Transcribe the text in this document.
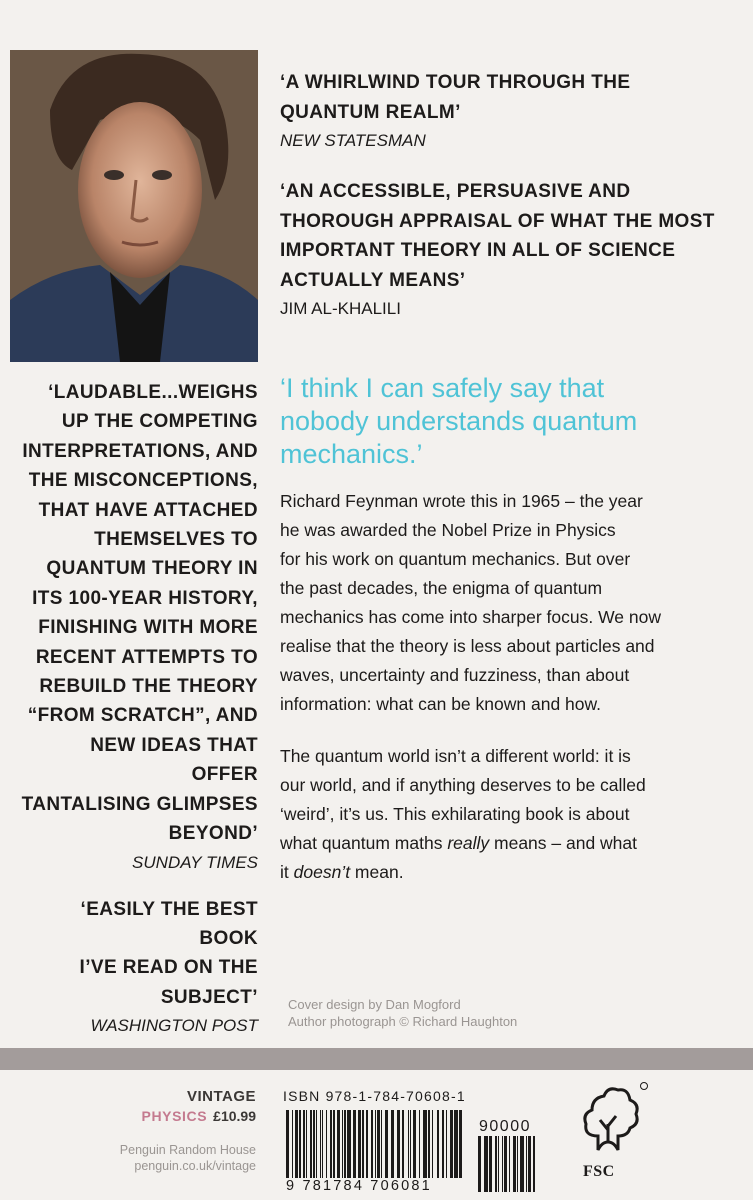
‘A WHIRLWIND TOUR THROUGH THE

QUANTUM REALM’

NEW STATESMAN

‘AN ACCESSIBLE, PERSUASIVE AND

THOROUGH APPRAISAL OF WHAT THE MOST

IMPORTANT THEORY IN ALL OF SCIENCE

ACTUALLY MEANS’

JIM AL-KHALILI

‘LAUDABLE...WEIGHS

UP THE COMPETING

INTERPRETATIONS, AND

THE MISCONCEPTIONS,

THAT HAVE ATTACHED

THEMSELVES TO

QUANTUM THEORY IN

ITS 100-YEAR HISTORY,

FINISHING WITH MORE

RECENT ATTEMPTS TO

REBUILD THE THEORY

“FROM SCRATCH”, AND

NEW IDEAS THAT OFFER

TANTALISING GLIMPSES

BEYOND’

SUNDAY TIMES

‘EASILY THE BEST BOOK

I’VE READ ON THE

SUBJECT’

WASHINGTON POST

‘I think I can safely say that
nobody understands quantum
mechanics.’
Richard Feynman wrote this in 1965 – the year
he was awarded the Nobel Prize in Physics
for his work on quantum mechanics. But over
the past decades, the enigma of quantum
mechanics has come into sharper focus. We now
realise that the theory is less about particles and
waves, uncertainty and fuzziness, than about
information: what can be known and how.
The quantum world isn’t a different world: it is
our world, and if anything deserves to be called
‘weird’, it’s us. This exhilarating book is about
what quantum maths really means – and what
it doesn’t mean.
Cover design by Dan Mogford
Author photograph © Richard Haughton
VINTAGE
PHYSICS £10.99
Penguin Random House
penguin.co.uk/vintage
ISBN 978-1-784-70608-1
90000
9 781784 706081
FSC
